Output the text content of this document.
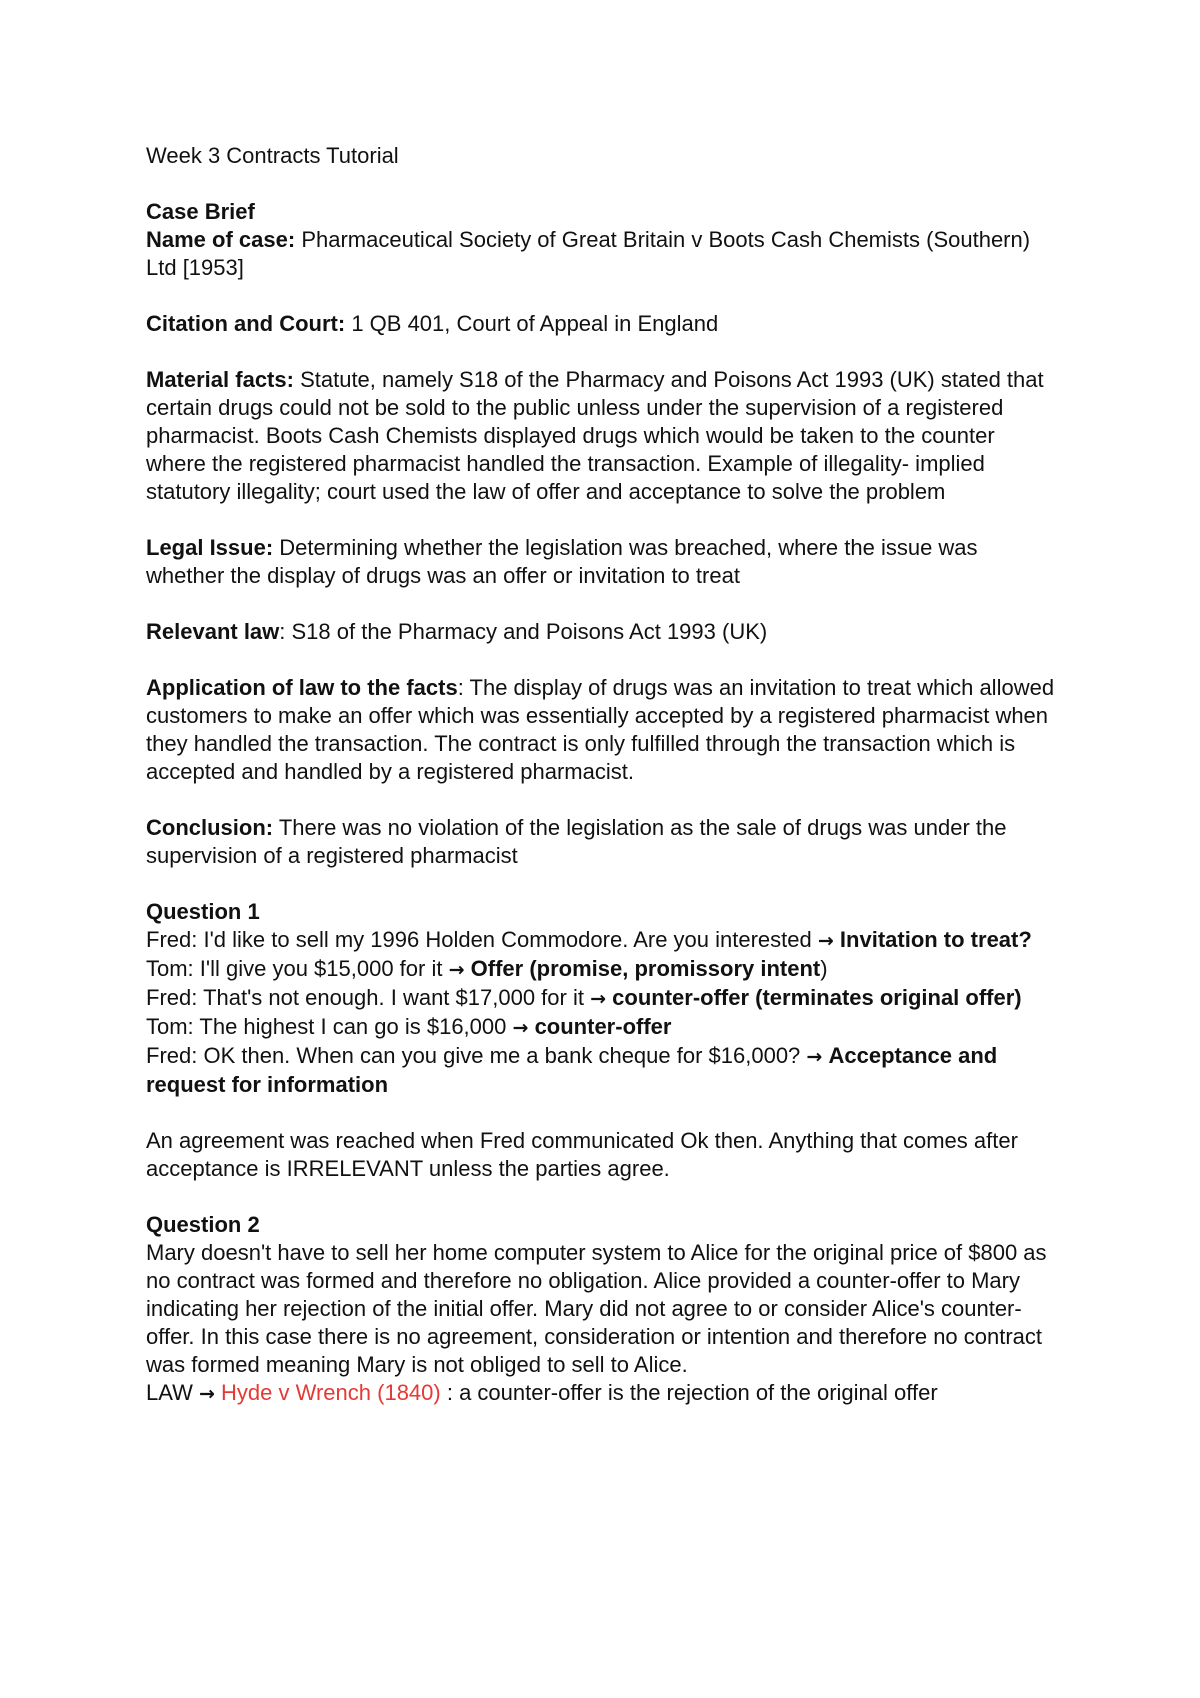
Week 3 Contracts Tutorial

Case Brief
Name of case: Pharmaceutical Society of Great Britain v Boots Cash Chemists (Southern) Ltd [1953]

Citation and Court: 1 QB 401, Court of Appeal in England

Material facts: Statute, namely S18 of the Pharmacy and Poisons Act 1993 (UK) stated that certain drugs could not be sold to the public unless under the supervision of a registered pharmacist. Boots Cash Chemists displayed drugs which would be taken to the counter where the registered pharmacist handled the transaction. Example of illegality- implied statutory illegality; court used the law of offer and acceptance to solve the problem

Legal Issue: Determining whether the legislation was breached, where the issue was whether the display of drugs was an offer or invitation to treat

Relevant law: S18 of the Pharmacy and Poisons Act 1993 (UK)

Application of law to the facts: The display of drugs was an invitation to treat which allowed customers to make an offer which was essentially accepted by a registered pharmacist when they handled the transaction. The contract is only fulfilled through the transaction which is accepted and handled by a registered pharmacist.

Conclusion: There was no violation of the legislation as the sale of drugs was under the supervision of a registered pharmacist

Question 1
Fred: I'd like to sell my 1996 Holden Commodore. Are you interested → Invitation to treat?
Tom: I'll give you $15,000 for it → Offer (promise, promissory intent)
Fred: That's not enough. I want $17,000 for it → counter-offer (terminates original offer)
Tom: The highest I can go is $16,000 → counter-offer
Fred: OK then. When can you give me a bank cheque for $16,000? → Acceptance and request for information

An agreement was reached when Fred communicated Ok then. Anything that comes after acceptance is IRRELEVANT unless the parties agree.

Question 2
Mary doesn't have to sell her home computer system to Alice for the original price of $800 as no contract was formed and therefore no obligation. Alice provided a counter-offer to Mary indicating her rejection of the initial offer. Mary did not agree to or consider Alice's counter-offer. In this case there is no agreement, consideration or intention and therefore no contract was formed meaning Mary is not obliged to sell to Alice.
LAW → Hyde v Wrench (1840) : a counter-offer is the rejection of the original offer
